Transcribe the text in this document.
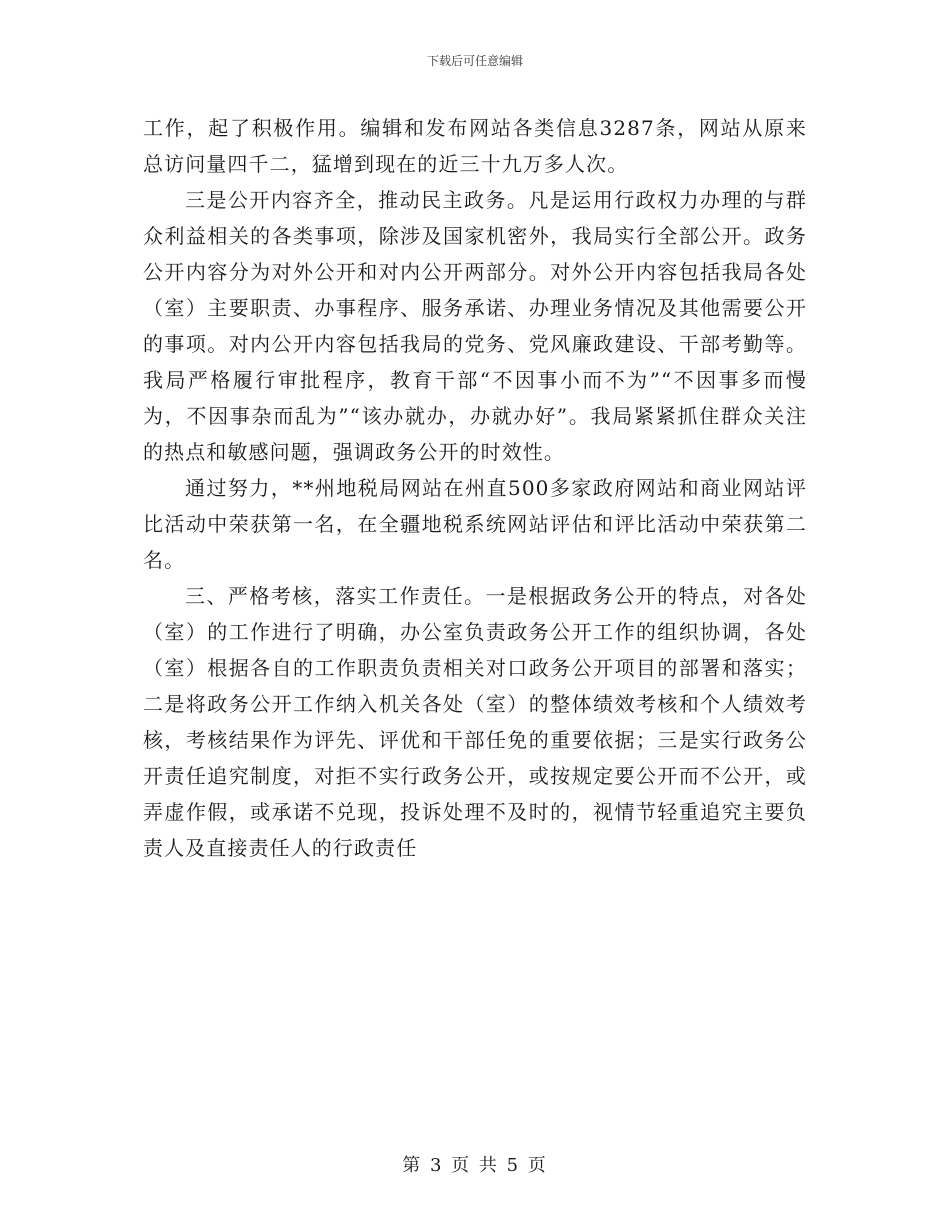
下载后可任意编辑

工作，起了积极作用。编辑和发布网站各类信息3287条，网站从原来总访问量四千二，猛增到现在的近三十九万多人次。

三是公开内容齐全，推动民主政务。凡是运用行政权力办理的与群众利益相关的各类事项，除涉及国家机密外，我局实行全部公开。政务公开内容分为对外公开和对内公开两部分。对外公开内容包括我局各处（室）主要职责、办事程序、服务承诺、办理业务情况及其他需要公开的事项。对内公开内容包括我局的党务、党风廉政建设、干部考勤等。我局严格履行审批程序，教育干部“不因事小而不为”“不因事多而慢为，不因事杂而乱为”“该办就办，办就办好”。我局紧紧抓住群众关注的热点和敏感问题，强调政务公开的时效性。

通过努力，**州地税局网站在州直500多家政府网站和商业网站评比活动中荣获第一名，在全疆地税系统网站评估和评比活动中荣获第二名。

三、严格考核，落实工作责任。一是根据政务公开的特点，对各处（室）的工作进行了明确，办公室负责政务公开工作的组织协调，各处（室）根据各自的工作职责负责相关对口政务公开项目的部署和落实；二是将政务公开工作纳入机关各处（室）的整体绩效考核和个人绩效考核，考核结果作为评先、评优和干部任免的重要依据；三是实行政务公开责任追究制度，对拒不实行政务公开，或按规定要公开而不公开，或弄虚作假，或承诺不兑现，投诉处理不及时的，视情节轻重追究主要负责人及直接责任人的行政责任

第 3 页 共 5 页
